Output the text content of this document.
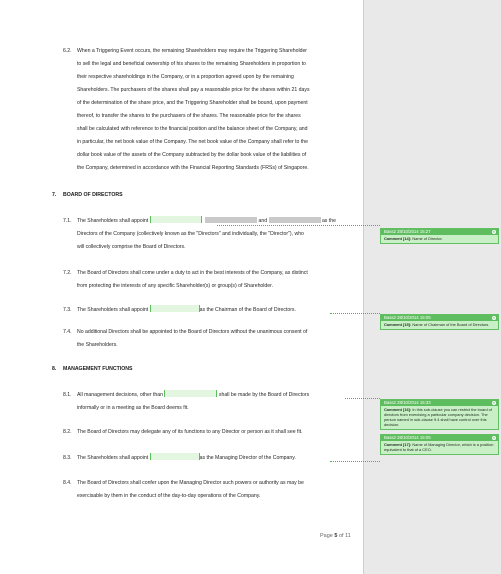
6.2. When a Triggering Event occurs, the remaining Shareholders may require the Triggering Shareholder
to sell the legal and beneficial ownership of his shares to the remaining Shareholders in proportion to
their respective shareholdings in the Company, or in a proportion agreed upon by the remaining
Shareholders. The purchasers of the shares shall pay a reasonable price for the shares within 21 days
of the determination of the share price, and the Triggering Shareholder shall be bound, upon payment
thereof, to transfer the shares to the purchasers of the shares. The reasonable price for the shares
shall be calculated with reference to the financial position and the balance sheet of the Company, and
in particular, the net book value of the Company. The net book value of the Company shall refer to the
dollar book value of the assets of the Company subtracted by the dollar book value of the liabilities of
the Company, determined in accordance with the Financial Reporting Standards (FRSs) of Singapore.
7. BOARD OF DIRECTORS
7.1. The Shareholders shall appoint	and	as the
Directors of the Company (collectively known as the "Directors" and individually, the "Director"), who
will collectively comprise the Board of Directors.
7.2. The Board of Directors shall come under a duty to act in the best interests of the Company, as distinct
from protecting the interests of any specific Shareholder(s) or group(s) of Shareholder.
7.3. The Shareholders shall appoint	as the Chairman of the Board of Directors.
7.4. No additional Directors shall be appointed to the Board of Directors without the unanimous consent of
the Shareholders.
8. MANAGEMENT FUNCTIONS
8.1. All management decisions, other than	shall be made by the Board of Directors
informally or in a meeting as the Board deems fit.
8.2. The Board of Directors may delegate any of its functions to any Director or person as it shall see fit.
8.3. The Shareholders shall appoint	as the Managing Director of the Company.
8.4. The Board of Directors shall confer upon the Managing Director such powers or authority as may be
exercisable by them in the conduct of the day-to-day operations of the Company.
Page 5 of 11
Bass2 28/10/2014 15:27	×
Comment [14]: Name of Director.
Bass2 28/10/2014 15:05	×
Comment [15]: Name of Chairman of the Board of Directors.
Bass2 28/10/2014 15:33	×
Comment [16]: In this sub-clause you can restrict the board of directors from exercising a particular company decision. The person named in sub-clause 9.4 shall have control over this decision.
Bass2 28/10/2014 15:05	×
Comment [17]: Name of Managing Director, which is a position equivalent to that of a CEO.
